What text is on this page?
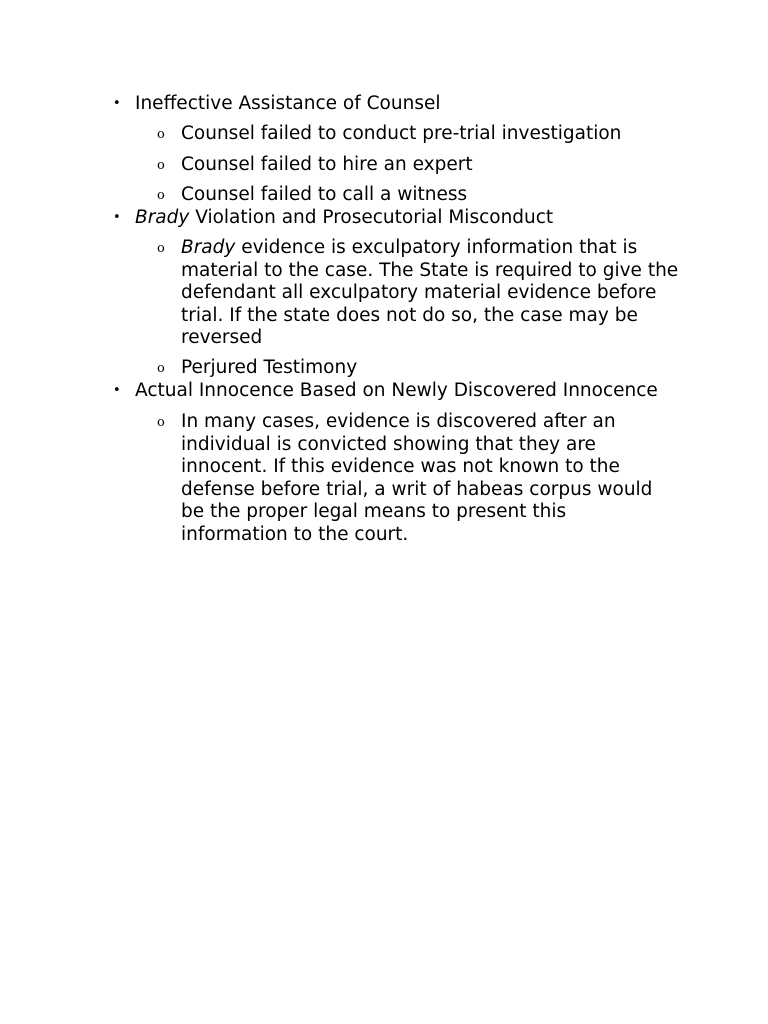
• Ineffective Assistance of Counsel
o Counsel failed to conduct pre-trial investigation
o Counsel failed to hire an expert
o Counsel failed to call a witness
• Brady Violation and Prosecutorial Misconduct
o Brady evidence is exculpatory information that is material to the case. The State is required to give the defendant all exculpatory material evidence before trial. If the state does not do so, the case may be reversed
o Perjured Testimony
• Actual Innocence Based on Newly Discovered Innocence
o In many cases, evidence is discovered after an individual is convicted showing that they are innocent. If this evidence was not known to the defense before trial, a writ of habeas corpus would be the proper legal means to present this information to the court.
